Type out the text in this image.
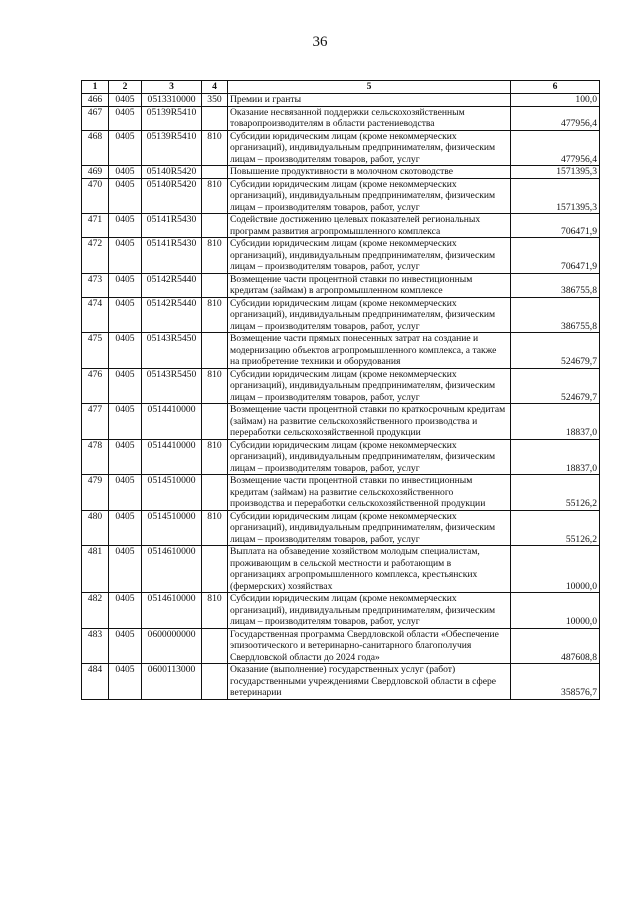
36
1	2	3	4	5	6
466	0405	0513310000	350	Премии и гранты	100,0
467	0405	05139R5410		Оказание несвязанной поддержки сельскохозяйственным товаропроизводителям в области растениеводства	477956,4
468	0405	05139R5410	810	Субсидии юридическим лицам (кроме некоммерческих организаций), индивидуальным предпринимателям, физическим лицам – производителям товаров, работ, услуг	477956,4
469	0405	05140R5420		Повышение продуктивности в молочном скотоводстве	1571395,3
470	0405	05140R5420	810	Субсидии юридическим лицам (кроме некоммерческих организаций), индивидуальным предпринимателям, физическим лицам – производителям товаров, работ, услуг	1571395,3
471	0405	05141R5430		Содействие достижению целевых показателей региональных программ развития агропромышленного комплекса	706471,9
472	0405	05141R5430	810	Субсидии юридическим лицам (кроме некоммерческих организаций), индивидуальным предпринимателям, физическим лицам – производителям товаров, работ, услуг	706471,9
473	0405	05142R5440		Возмещение части процентной ставки по инвестиционным кредитам (займам) в агропромышленном комплексе	386755,8
474	0405	05142R5440	810	Субсидии юридическим лицам (кроме некоммерческих организаций), индивидуальным предпринимателям, физическим лицам – производителям товаров, работ, услуг	386755,8
475	0405	05143R5450		Возмещение части прямых понесенных затрат на создание и модернизацию объектов агропромышленного комплекса, а также на приобретение техники и оборудования	524679,7
476	0405	05143R5450	810	Субсидии юридическим лицам (кроме некоммерческих организаций), индивидуальным предпринимателям, физическим лицам – производителям товаров, работ, услуг	524679,7
477	0405	0514410000		Возмещение части процентной ставки по краткосрочным кредитам (займам) на развитие сельскохозяйственного производства и переработки сельскохозяйственной продукции	18837,0
478	0405	0514410000	810	Субсидии юридическим лицам (кроме некоммерческих организаций), индивидуальным предпринимателям, физическим лицам – производителям товаров, работ, услуг	18837,0
479	0405	0514510000		Возмещение части процентной ставки по инвестиционным кредитам (займам) на развитие сельскохозяйственного производства и переработки сельскохозяйственной продукции	55126,2
480	0405	0514510000	810	Субсидии юридическим лицам (кроме некоммерческих организаций), индивидуальным предпринимателям, физическим лицам – производителям товаров, работ, услуг	55126,2
481	0405	0514610000		Выплата на обзаведение хозяйством молодым специалистам, проживающим в сельской местности и работающим в организациях агропромышленного комплекса, крестьянских (фермерских) хозяйствах	10000,0
482	0405	0514610000	810	Субсидии юридическим лицам (кроме некоммерческих организаций), индивидуальным предпринимателям, физическим лицам – производителям товаров, работ, услуг	10000,0
483	0405	0600000000		Государственная программа Свердловской области «Обеспечение эпизоотического и ветеринарно-санитарного благополучия Свердловской области до 2024 года»	487608,8
484	0405	0600113000		Оказание (выполнение) государственных услуг (работ) государственными учреждениями Свердловской области в сфере ветеринарии	358576,7
